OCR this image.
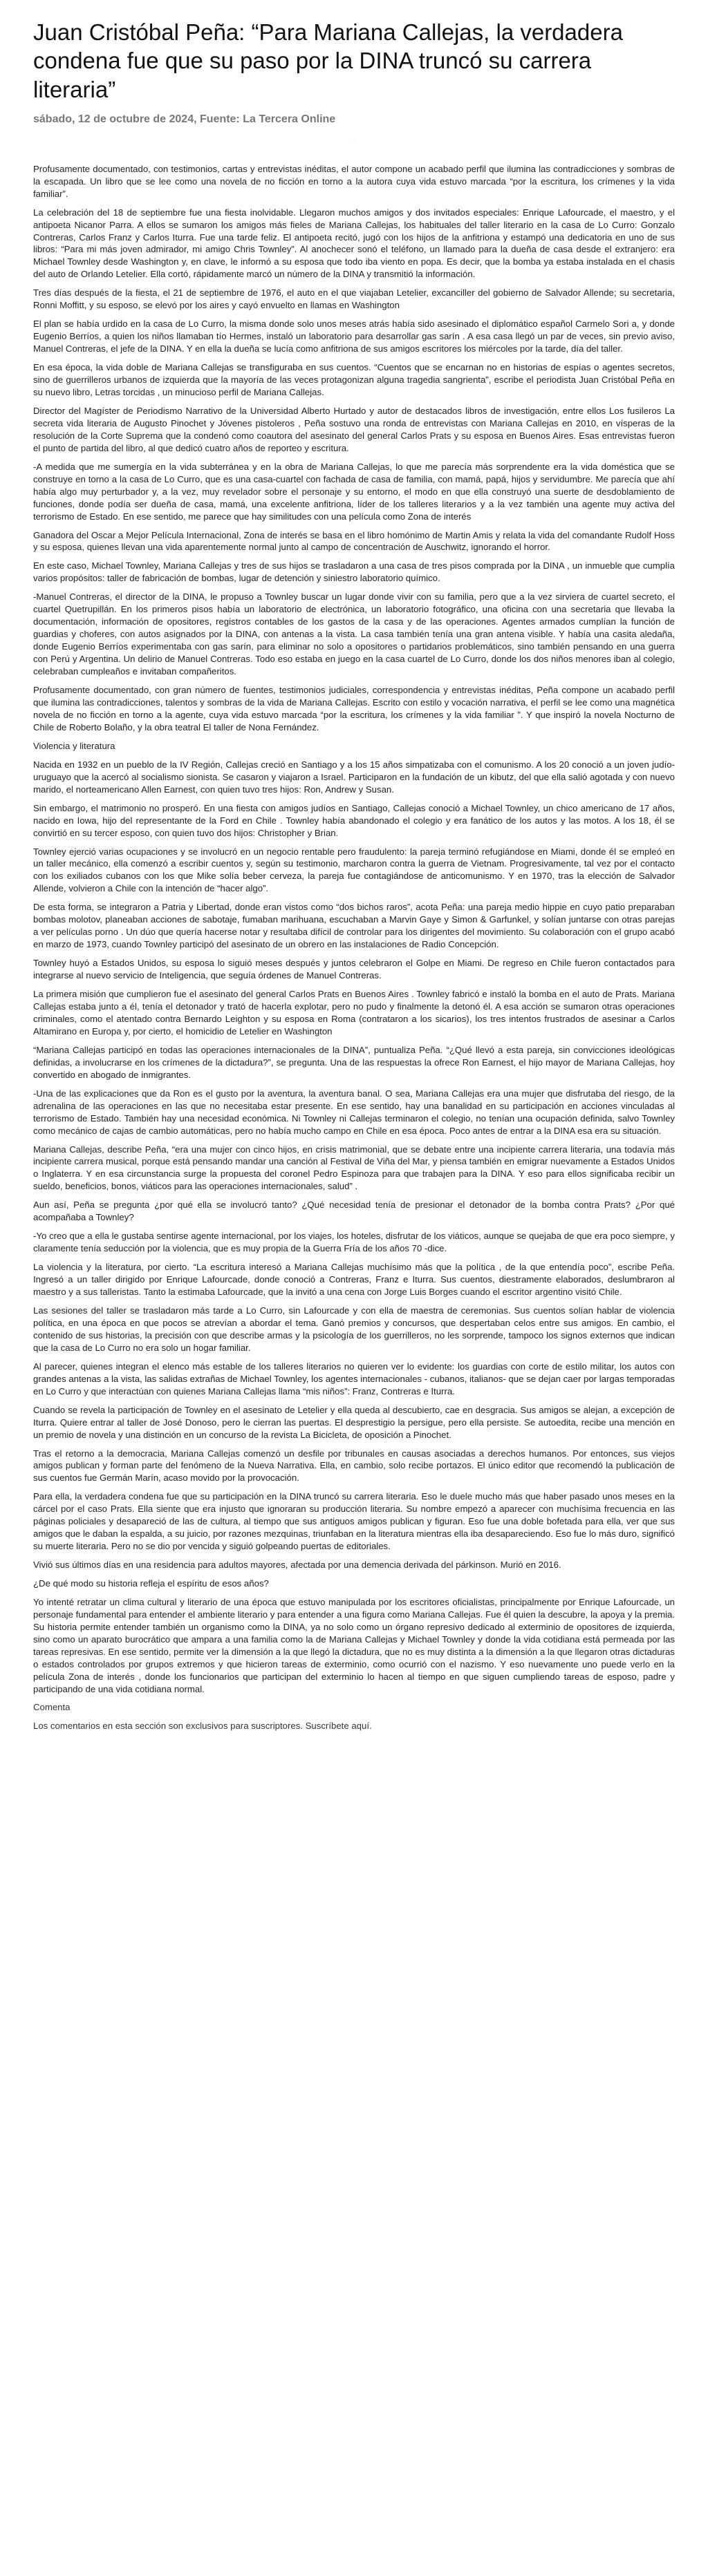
Juan Cristóbal Peña: “Para Mariana Callejas, la verdadera condena fue que su paso por la DINA truncó su carrera literaria”
sábado, 12 de octubre de 2024, Fuente: La Tercera Online
·

Profusamente documentado, con testimonios, cartas y entrevistas inéditas, el autor compone un acabado perfil que ilumina las contradicciones y sombras de la escapada. Un libro que se lee como una novela de no ficción en torno a la autora cuya vida estuvo marcada “por la escritura, los crímenes y la vida familiar”.

La celebración del 18 de septiembre fue una fiesta inolvidable. Llegaron muchos amigos y dos invitados especiales: Enrique Lafourcade, el maestro, y el antipoeta Nicanor Parra. A ellos se sumaron los amigos más fieles de Mariana Callejas, los habituales del taller literario en la casa de Lo Curro: Gonzalo Contreras, Carlos Franz y Carlos Iturra. Fue una tarde feliz. El antipoeta recitó, jugó con los hijos de la anfitriona y estampó una dedicatoria en uno de sus libros: “Para mi más joven admirador, mi amigo Chris Townley”. Al anochecer sonó el teléfono, un llamado para la dueña de casa desde el extranjero: era Michael Townley desde Washington y, en clave, le informó a su esposa que todo iba viento en popa. Es decir, que la bomba ya estaba instalada en el chasis del auto de Orlando Letelier. Ella cortó, rápidamente marcó un número de la DINA y transmitió la información.

Tres días después de la fiesta, el 21 de septiembre de 1976, el auto en el que viajaban Letelier, excanciller del gobierno de Salvador Allende; su secretaria, Ronni Moffitt, y su esposo, se elevó por los aires y cayó envuelto en llamas en Washington

El plan se había urdido en la casa de Lo Curro, la misma donde solo unos meses atrás había sido asesinado el diplomático español Carmelo Sori a, y donde Eugenio Berríos, a quien los niños llamaban tío Hermes, instaló un laboratorio para desarrollar gas sarín . A esa casa llegó un par de veces, sin previo aviso, Manuel Contreras, el jefe de la DINA. Y en ella la dueña se lucía como anfitriona de sus amigos escritores los miércoles por la tarde, día del taller.

En esa época, la vida doble de Mariana Callejas se transfiguraba en sus cuentos. “Cuentos que se encarnan no en historias de espías o agentes secretos, sino de guerrilleros urbanos de izquierda que la mayoría de las veces protagonizan alguna tragedia sangrienta”, escribe el periodista Juan Cristóbal Peña en su nuevo libro, Letras torcidas , un minucioso perfil de Mariana Callejas.

Director del Magíster de Periodismo Narrativo de la Universidad Alberto Hurtado y autor de destacados libros de investigación, entre ellos Los fusileros La secreta vida literaria de Augusto Pinochet y Jóvenes pistoleros , Peña sostuvo una ronda de entrevistas con Mariana Callejas en 2010, en vísperas de la resolución de la Corte Suprema que la condenó como coautora del asesinato del general Carlos Prats y su esposa en Buenos Aires. Esas entrevistas fueron el punto de partida del libro, al que dedicó cuatro años de reporteo y escritura.

-A medida que me sumergía en la vida subterránea y en la obra de Mariana Callejas, lo que me parecía más sorprendente era la vida doméstica que se construye en torno a la casa de Lo Curro, que es una casa-cuartel con fachada de casa de familia, con mamá, papá, hijos y servidumbre. Me parecía que ahí había algo muy perturbador y, a la vez, muy revelador sobre el personaje y su entorno, el modo en que ella construyó una suerte de desdoblamiento de funciones, donde podía ser dueña de casa, mamá, una excelente anfitriona, líder de los talleres literarios y a la vez también una agente muy activa del terrorismo de Estado. En ese sentido, me parece que hay similitudes con una película como Zona de interés

Ganadora del Oscar a Mejor Película Internacional, Zona de interés se basa en el libro homónimo de Martin Amis y relata la vida del comandante Rudolf Hoss y su esposa, quienes llevan una vida aparentemente normal junto al campo de concentración de Auschwitz, ignorando el horror.

En este caso, Michael Townley, Mariana Callejas y tres de sus hijos se trasladaron a una casa de tres pisos comprada por la DINA , un inmueble que cumplía varios propósitos: taller de fabricación de bombas, lugar de detención y siniestro laboratorio químico.

-Manuel Contreras, el director de la DINA, le propuso a Townley buscar un lugar donde vivir con su familia, pero que a la vez sirviera de cuartel secreto, el cuartel Quetrupillán. En los primeros pisos había un laboratorio de electrónica, un laboratorio fotográfico, una oficina con una secretaria que llevaba la documentación, información de opositores, registros contables de los gastos de la casa y de las operaciones. Agentes armados cumplían la función de guardias y choferes, con autos asignados por la DINA, con antenas a la vista. La casa también tenía una gran antena visible. Y había una casita aledaña, donde Eugenio Berríos experimentaba con gas sarín, para eliminar no solo a opositores o partidarios problemáticos, sino también pensando en una guerra con Perú y Argentina. Un delirio de Manuel Contreras. Todo eso estaba en juego en la casa cuartel de Lo Curro, donde los dos niños menores iban al colegio, celebraban cumpleaños e invitaban compañeritos.

Profusamente documentado, con gran número de fuentes, testimonios judiciales, correspondencia y entrevistas inéditas, Peña compone un acabado perfil que ilumina las contradicciones, talentos y sombras de la vida de Mariana Callejas. Escrito con estilo y vocación narrativa, el perfil se lee como una magnética novela de no ficción en torno a la agente, cuya vida estuvo marcada “por la escritura, los crímenes y la vida familiar ”. Y que inspiró la novela Nocturno de Chile de Roberto Bolaño, y la obra teatral El taller de Nona Fernández.

Violencia y literatura

Nacida en 1932 en un pueblo de la IV Región, Callejas creció en Santiago y a los 15 años simpatizaba con el comunismo. A los 20 conoció a un joven judío-uruguayo que la acercó al socialismo sionista. Se casaron y viajaron a Israel. Participaron en la fundación de un kibutz, del que ella salió agotada y con nuevo marido, el norteamericano Allen Earnest, con quien tuvo tres hijos: Ron, Andrew y Susan.

Sin embargo, el matrimonio no prosperó. En una fiesta con amigos judíos en Santiago, Callejas conoció a Michael Townley, un chico americano de 17 años, nacido en Iowa, hijo del representante de la Ford en Chile . Townley había abandonado el colegio y era fanático de los autos y las motos. A los 18, él se convirtió en su tercer esposo, con quien tuvo dos hijos: Christopher y Brian.

Townley ejerció varias ocupaciones y se involucró en un negocio rentable pero fraudulento: la pareja terminó refugiándose en Miami, donde él se empleó en un taller mecánico, ella comenzó a escribir cuentos y, según su testimonio, marcharon contra la guerra de Vietnam. Progresivamente, tal vez por el contacto con los exiliados cubanos con los que Mike solía beber cerveza, la pareja fue contagiándose de anticomunismo. Y en 1970, tras la elección de Salvador Allende, volvieron a Chile con la intención de “hacer algo”.

De esta forma, se integraron a Patria y Libertad, donde eran vistos como “dos bichos raros”, acota Peña: una pareja medio hippie en cuyo patio preparaban bombas molotov, planeaban acciones de sabotaje, fumaban marihuana, escuchaban a Marvin Gaye y Simon & Garfunkel, y solían juntarse con otras parejas a ver películas porno . Un dúo que quería hacerse notar y resultaba difícil de controlar para los dirigentes del movimiento. Su colaboración con el grupo acabó en marzo de 1973, cuando Townley participó del asesinato de un obrero en las instalaciones de Radio Concepción.

Townley huyó a Estados Unidos, su esposa lo siguió meses después y juntos celebraron el Golpe en Miami. De regreso en Chile fueron contactados para integrarse al nuevo servicio de Inteligencia, que seguía órdenes de Manuel Contreras.

La primera misión que cumplieron fue el asesinato del general Carlos Prats en Buenos Aires . Townley fabricó e instaló la bomba en el auto de Prats. Mariana Callejas estaba junto a él, tenía el detonador y trató de hacerla explotar, pero no pudo y finalmente la detonó él. A esa acción se sumaron otras operaciones criminales, como el atentado contra Bernardo Leighton y su esposa en Roma (contrataron a los sicarios), los tres intentos frustrados de asesinar a Carlos Altamirano en Europa y, por cierto, el homicidio de Letelier en Washington

“Mariana Callejas participó en todas las operaciones internacionales de la DINA”, puntualiza Peña. “¿Qué llevó a esta pareja, sin convicciones ideológicas definidas, a involucrarse en los crímenes de la dictadura?”, se pregunta. Una de las respuestas la ofrece Ron Earnest, el hijo mayor de Mariana Callejas, hoy convertido en abogado de inmigrantes.

-Una de las explicaciones que da Ron es el gusto por la aventura, la aventura banal. O sea, Mariana Callejas era una mujer que disfrutaba del riesgo, de la adrenalina de las operaciones en las que no necesitaba estar presente. En ese sentido, hay una banalidad en su participación en acciones vinculadas al terrorismo de Estado. También hay una necesidad económica. Ni Townley ni Callejas terminaron el colegio, no tenían una ocupación definida, salvo Townley como mecánico de cajas de cambio automáticas, pero no había mucho campo en Chile en esa época. Poco antes de entrar a la DINA esa era su situación.

Mariana Callejas, describe Peña, “era una mujer con cinco hijos, en crisis matrimonial, que se debate entre una incipiente carrera literaria, una todavía más incipiente carrera musical, porque está pensando mandar una canción al Festival de Viña del Mar, y piensa también en emigrar nuevamente a Estados Unidos o Inglaterra. Y en esa circunstancia surge la propuesta del coronel Pedro Espinoza para que trabajen para la DINA. Y eso para ellos significaba recibir un sueldo, beneficios, bonos, viáticos para las operaciones internacionales, salud” .

Aun así, Peña se pregunta ¿por qué ella se involucró tanto? ¿Qué necesidad tenía de presionar el detonador de la bomba contra Prats? ¿Por qué acompañaba a Townley?

-Yo creo que a ella le gustaba sentirse agente internacional, por los viajes, los hoteles, disfrutar de los viáticos, aunque se quejaba de que era poco siempre, y claramente tenía seducción por la violencia, que es muy propia de la Guerra Fría de los años 70 -dice.

La violencia y la literatura, por cierto. “La escritura interesó a Mariana Callejas muchísimo más que la política , de la que entendía poco”, escribe Peña. Ingresó a un taller dirigido por Enrique Lafourcade, donde conoció a Contreras, Franz e Iturra. Sus cuentos, diestramente elaborados, deslumbraron al maestro y a sus talleristas. Tanto la estimaba Lafourcade, que la invitó a una cena con Jorge Luis Borges cuando el escritor argentino visitó Chile.

Las sesiones del taller se trasladaron más tarde a Lo Curro, sin Lafourcade y con ella de maestra de ceremonias. Sus cuentos solían hablar de violencia política, en una época en que pocos se atrevían a abordar el tema. Ganó premios y concursos, que despertaban celos entre sus amigos. En cambio, el contenido de sus historias, la precisión con que describe armas y la psicología de los guerrilleros, no les sorprende, tampoco los signos externos que indican que la casa de Lo Curro no era solo un hogar familiar.

Al parecer, quienes integran el elenco más estable de los talleres literarios no quieren ver lo evidente: los guardias con corte de estilo militar, los autos con grandes antenas a la vista, las salidas extrañas de Michael Townley, los agentes internacionales - cubanos, italianos- que se dejan caer por largas temporadas en Lo Curro y que interactúan con quienes Mariana Callejas llama “mis niños”: Franz, Contreras e Iturra.

Cuando se revela la participación de Townley en el asesinato de Letelier y ella queda al descubierto, cae en desgracia. Sus amigos se alejan, a excepción de Iturra. Quiere entrar al taller de José Donoso, pero le cierran las puertas. El desprestigio la persigue, pero ella persiste. Se autoedita, recibe una mención en un premio de novela y una distinción en un concurso de la revista La Bicicleta, de oposición a Pinochet.

Tras el retorno a la democracia, Mariana Callejas comenzó un desfile por tribunales en causas asociadas a derechos humanos. Por entonces, sus viejos amigos publican y forman parte del fenómeno de la Nueva Narrativa. Ella, en cambio, solo recibe portazos. El único editor que recomendó la publicación de sus cuentos fue Germán Marín, acaso movido por la provocación.

Para ella, la verdadera condena fue que su participación en la DINA truncó su carrera literaria. Eso le duele mucho más que haber pasado unos meses en la cárcel por el caso Prats. Ella siente que era injusto que ignoraran su producción literaria. Su nombre empezó a aparecer con muchísima frecuencia en las páginas policiales y desapareció de las de cultura, al tiempo que sus antiguos amigos publican y figuran. Eso fue una doble bofetada para ella, ver que sus amigos que le daban la espalda, a su juicio, por razones mezquinas, triunfaban en la literatura mientras ella iba desapareciendo. Eso fue lo más duro, significó su muerte literaria. Pero no se dio por vencida y siguió golpeando puertas de editoriales.

Vivió sus últimos días en una residencia para adultos mayores, afectada por una demencia derivada del párkinson. Murió en 2016.

¿De qué modo su historia refleja el espíritu de esos años?

Yo intenté retratar un clima cultural y literario de una época que estuvo manipulada por los escritores oficialistas, principalmente por Enrique Lafourcade, un personaje fundamental para entender el ambiente literario y para entender a una figura como Mariana Callejas. Fue él quien la descubre, la apoya y la premia. Su historia permite entender también un organismo como la DINA, ya no solo como un órgano represivo dedicado al exterminio de opositores de izquierda, sino como un aparato burocrático que ampara a una familia como la de Mariana Callejas y Michael Townley y donde la vida cotidiana está permeada por las tareas represivas. En ese sentido, permite ver la dimensión a la que llegó la dictadura, que no es muy distinta a la dimensión a la que llegaron otras dictaduras o estados controlados por grupos extremos y que hicieron tareas de exterminio, como ocurrió con el nazismo. Y eso nuevamente uno puede verlo en la película Zona de interés , donde los funcionarios que participan del exterminio lo hacen al tiempo en que siguen cumpliendo tareas de esposo, padre y participando de una vida cotidiana normal.

Comenta

Los comentarios en esta sección son exclusivos para suscriptores. Suscríbete aquí.
